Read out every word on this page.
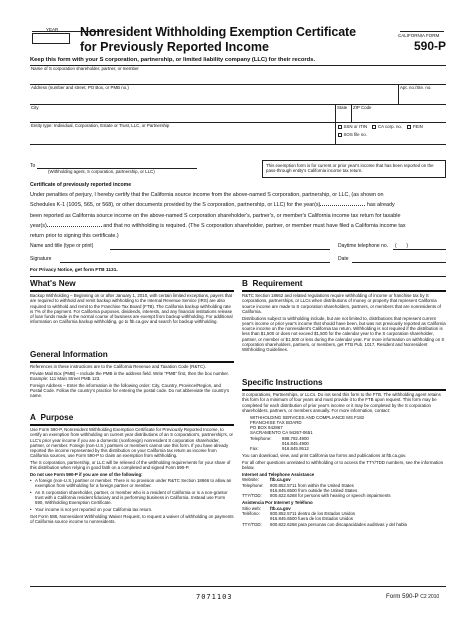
YEAR Nonresident Withholding Exemption Certificate
for Previously Reported Income
CALIFORNIA FORM
590-P
Keep this form with your S corporation, partnership, or limited liability company (LLC) for their records.
Name of S corporation shareholder, partner, or member
Address (number and street, PO Box, or PMB no.)	Apt. no./Ste. no.
City	State ZIP Code
Entity type: Individual, Corporation, Estate or Trust, LLC, or Partnership	SSN or ITIN CA corp. no. FEIN
SOS file no.
To
(Withholding agent, S corporation, partnership, or LLC)
This exemption form is for current or prior year's income that has been reported on the pass-through entity's California income tax return.
Certificate of previously reported income
Under penalties of perjury, I hereby certify that the California source income from the above-named S corporation, partnership, or LLC, (as shown on
Schedules K-1 (100S, 565, or 568), or other documents provided by the S corporation, partnership, or LLC) for the year(s)	has already
been reported as California source income on the above-named S corporation shareholder's, partner's, or member's California income tax return for taxable
year(s)	and that no withholding is required. (The S corporation shareholder, partner, or member must have filed a California income tax
return prior to signing this certificate.)
Name and title (type or print)	Daytime telephone no. (       )
Signature	Date
For Privacy Notice, get form FTB 1131.
What's New
Backup Withholding – Beginning on or after January 1, 2010, with certain limited exceptions, payers that are required to withhold and remit backup withholding to the Internal Revenue Service (IRS) are also required to withhold and remit to the Franchise Tax Board (FTB). The California backup withholding rate is 7% of the payment. For California purposes, dividends, interests, and any financial institutions release of loan funds made in the normal course of business are exempt from backup withholding. For additional information on California backup withholding, go to ftb.ca.gov and search for backup withholding.
General Information

References in these instructions are to the California Revenue and Taxation Code (R&TC).

Private Mail Box (PMB) – Include the PMB in the address field. Write "PMB" first, then the box number. Example: 111 Main Street PMB 123.

Foreign Address – Enter the information in the following order: City, Country, Province/Region, and Postal Code. Follow the country's practice for entering the postal code. Do not abbreviate the country's name.

A Purpose

Use Form 590-P, Nonresident Withholding Exemption Certificate for Previously Reported Income, to certify an exemption from withholding on current year distributions of an S corporation's, partnership's, or LLC's prior year income if you are a domestic (nonforeign) nonresident S corporation shareholder, partner, or member. Foreign (non-U.S.) partners or members cannot use this form. If you have already reported the income represented by this distribution on your California tax return as income from California sources, use Form 590-P to claim an exemption from withholding.

The S corporation, partnership, or LLC will be relieved of the withholding requirements for your share of this distribution when relying in good faith on a completed and signed Form 590-P.

Do not use Form 590-P if you are one of the following:

• A foreign (non-U.S.) partner or member. There is no provision under R&TC Section 18666 to allow an exemption from withholding for a foreign partner or member.

• An S corporation shareholder, partner, or member who is a resident of California or is a non-grantor trust with a California resident fiduciary and is performing business in California. Instead use Form 590, Withholding Exemption Certificate.

• Your income is not yet reported on your California tax return.

Get Form 588, Nonresident Withholding Waiver Request, to request a waiver of withholding on payments of California source income to nonresidents.

B Requirement

R&TC Section 18662 and related regulations require withholding of income or franchise tax by S corporations, partnerships, or LLCs when distributions of money or property that represent California source income are made to S corporation shareholders, partners, or members that are nonresidents of California.

Distributions subject to withholding include, but are not limited to, distributions that represent current year's income or prior year's income that should have been, but was not previously reported as California source income on the nonresident's California tax return. Withholding is not required if the distribution is less than $1,500 or does not exceed $1,500 for the calendar year to the S corporation shareholder, partner, or member or $1,500 or less during the calendar year. For more information on withholding on S corporation shareholders, partners, or members, get FTB Pub. 1017, Resident and Nonresident Withholding Guidelines.

Specific Instructions

S corporations, Partnerships, or LLCs. Do not send this form to the FTB. The withholding agent retains this form for a minimum of four years and must provide it to the FTB upon request. This form may be completed for each distribution of prior year's income or it may be completed by the S corporation shareholders, partners, or members annually. For more information, contact:

WITHHOLDING SERVICES AND COMPLIANCE MS F182
FRANCHISE TAX BOARD
PO BOX 942867
SACRAMENTO CA 94267-0651
Telephone:	888.792.4900
916.845.4900
Fax:	916.845.9512

You can download, view, and print California tax forms and publications at ftb.ca.gov.

For all other questions unrelated to withholding or to access the TTY/TDD numbers, see the information below.

Internet and Telephone Assistance

Website:	ftb.ca.gov
Telephone:	800.852.5711 from within the United States
916.845.6500 from outside the United States
TTY/TDD:	800.822.6268 for persons with hearing or speech impairments

Asistencia Por Internet y Teléfono

Sitio web:	ftb.ca.gov
Teléfono:	800.852.5711 dentro de los Estados Unidos
916.845.6500 fuera de los Estados Unidos
TTY/TDD:	800.822.6268 para personas con discapacidades auditivas y del habla
7071103	Form 590-P C2 2010
